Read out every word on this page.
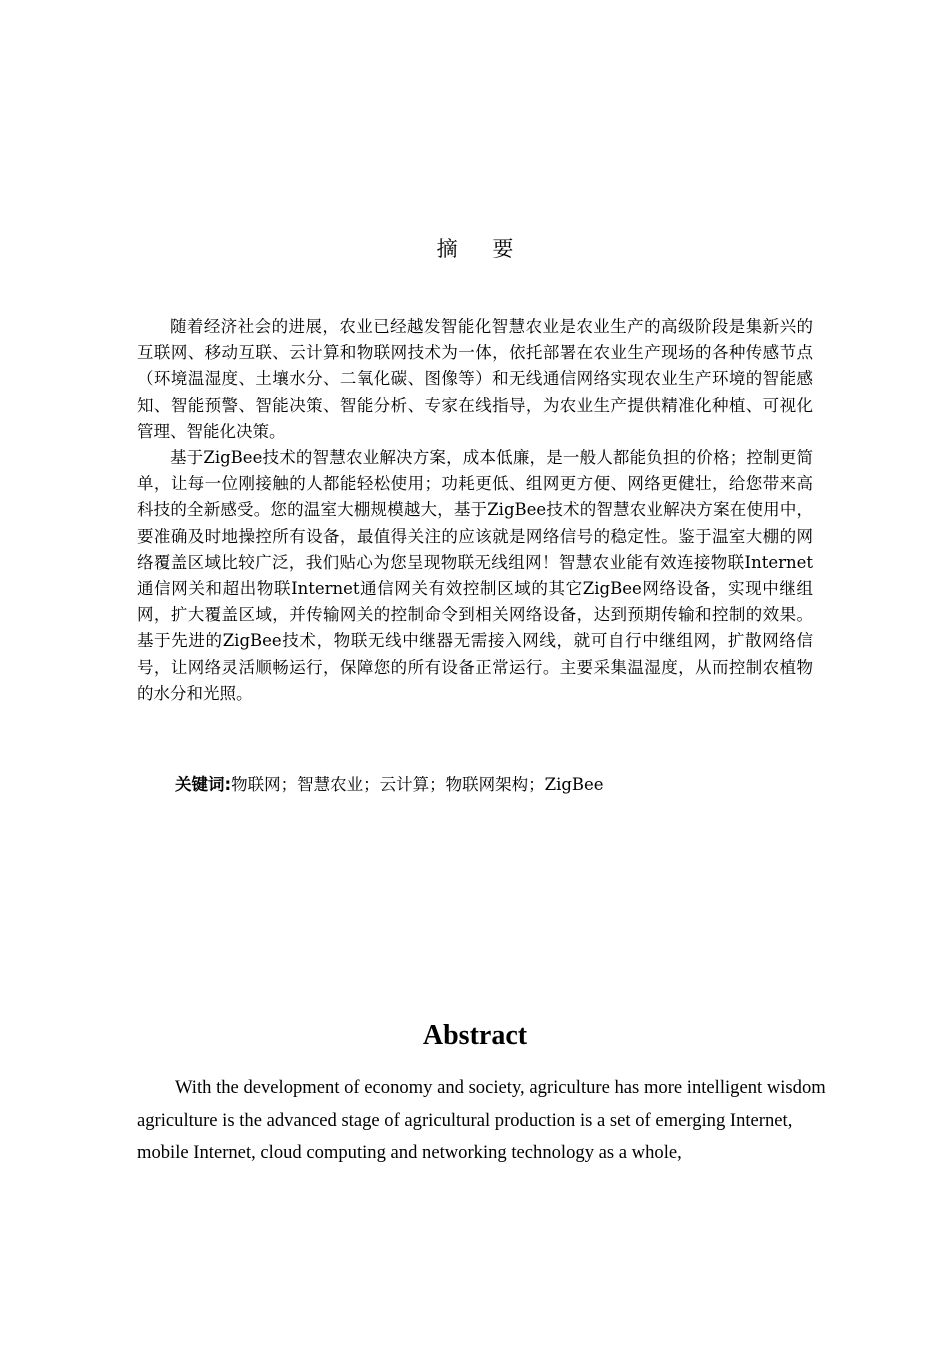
摘 要

随着经济社会的进展，农业已经越发智能化智慧农业是农业生产的高级阶段是集新兴的互联网、移动互联、云计算和物联网技术为一体，依托部署在农业生产现场的各种传感节点（环境温湿度、土壤水分、二氧化碳、图像等）和无线通信网络实现农业生产环境的智能感知、智能预警、智能决策、智能分析、专家在线指导，为农业生产提供精准化种植、可视化管理、智能化决策。

基于ZigBee技术的智慧农业解决方案，成本低廉，是一般人都能负担的价格；控制更简单，让每一位刚接触的人都能轻松使用；功耗更低、组网更方便、网络更健壮，给您带来高科技的全新感受。您的温室大棚规模越大，基于ZigBee技术的智慧农业解决方案在使用中，要准确及时地操控所有设备，最值得关注的应该就是网络信号的稳定性。鉴于温室大棚的网络覆盖区域比较广泛，我们贴心为您呈现物联无线组网！智慧农业能有效连接物联Internet通信网关和超出物联Internet通信网关有效控制区域的其它ZigBee网络设备，实现中继组网，扩大覆盖区域，并传输网关的控制命令到相关网络设备，达到预期传输和控制的效果。基于先进的ZigBee技术，物联无线中继器无需接入网线，就可自行中继组网，扩散网络信号，让网络灵活顺畅运行，保障您的所有设备正常运行。主要采集温湿度，从而控制农植物的水分和光照。

关键词:物联网；智慧农业；云计算；物联网架构；ZigBee
Abstract

With the development of economy and society, agriculture has more intelligent wisdom agriculture is the advanced stage of agricultural production is a set of emerging Internet, mobile Internet, cloud computing and networking technology as a whole,
